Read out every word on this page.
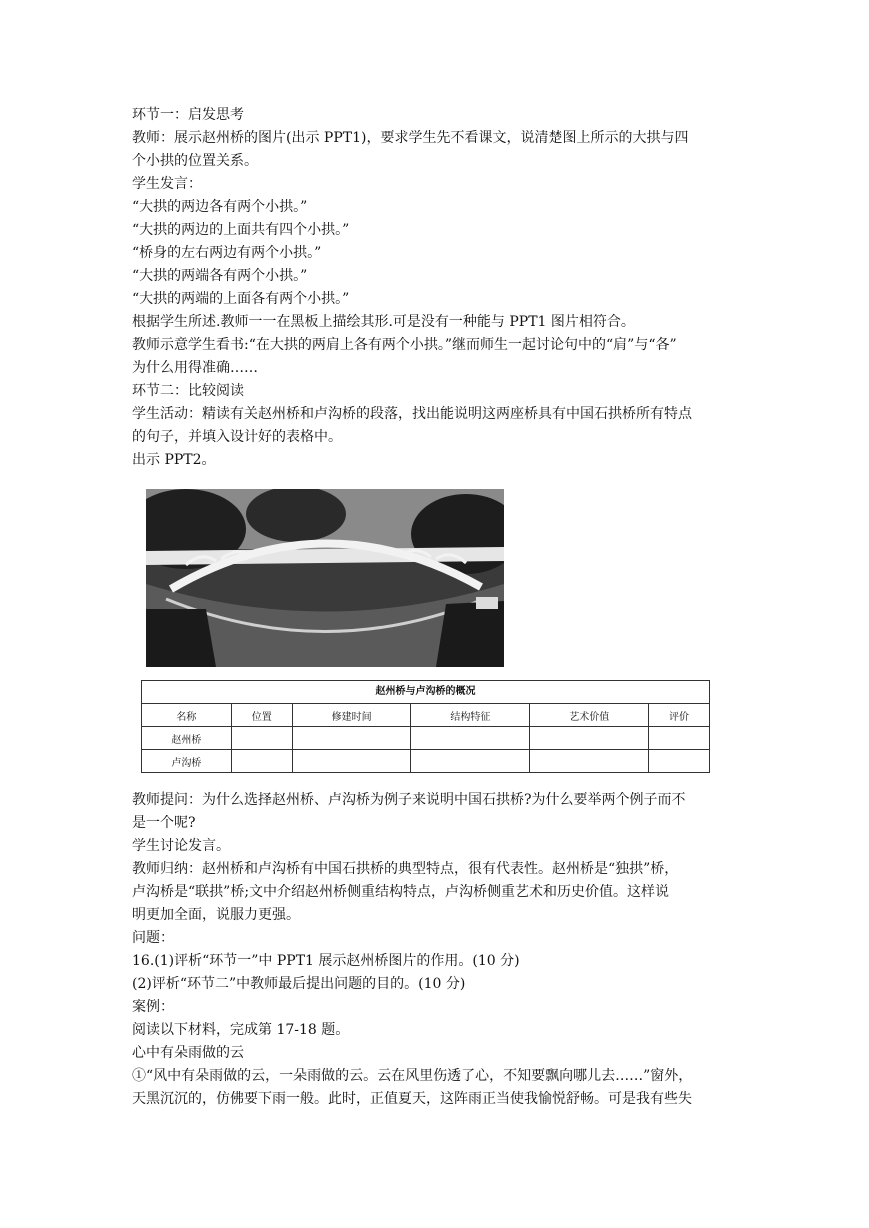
环节一：启发思考

教师：展示赵州桥的图片(出示 PPT1)，要求学生先不看课文，说清楚图上所示的大拱与四

个小拱的位置关系。

学生发言：

“大拱的两边各有两个小拱。”

“大拱的两边的上面共有四个小拱。”

“桥身的左右两边有两个小拱。”

“大拱的两端各有两个小拱。”

“大拱的两端的上面各有两个小拱。”

根据学生所述.教师一一在黑板上描绘其形.可是没有一种能与 PPT1 图片相符合。

教师示意学生看书:“在大拱的两肩上各有两个小拱。”继而师生一起讨论句中的“肩”与“各”

为什么用得准确……

环节二：比较阅读

学生活动：精读有关赵州桥和卢沟桥的段落，找出能说明这两座桥具有中国石拱桥所有特点

的句子，并填入设计好的表格中。

出示 PPT2。

赵州桥与卢沟桥的概况
名称	位置	修建时间	结构特征	艺术价值	评价
赵州桥					
卢沟桥					

教师提问：为什么选择赵州桥、卢沟桥为例子来说明中国石拱桥?为什么要举两个例子而不

是一个呢?

学生讨论发言。

教师归纳：赵州桥和卢沟桥有中国石拱桥的典型特点，很有代表性。赵州桥是“独拱”桥，

卢沟桥是“联拱”桥;文中介绍赵州桥侧重结构特点，卢沟桥侧重艺术和历史价值。这样说

明更加全面，说服力更强。

问题：

16.(1)评析“环节一”中 PPT1 展示赵州桥图片的作用。(10 分)

(2)评析“环节二”中教师最后提出问题的目的。(10 分)

案例：

阅读以下材料，完成第 17-18 题。

心中有朵雨做的云

①“风中有朵雨做的云，一朵雨做的云。云在风里伤透了心，不知要飘向哪儿去……”窗外，

天黑沉沉的，仿佛要下雨一般。此时，正值夏天，这阵雨正当使我愉悦舒畅。可是我有些失
